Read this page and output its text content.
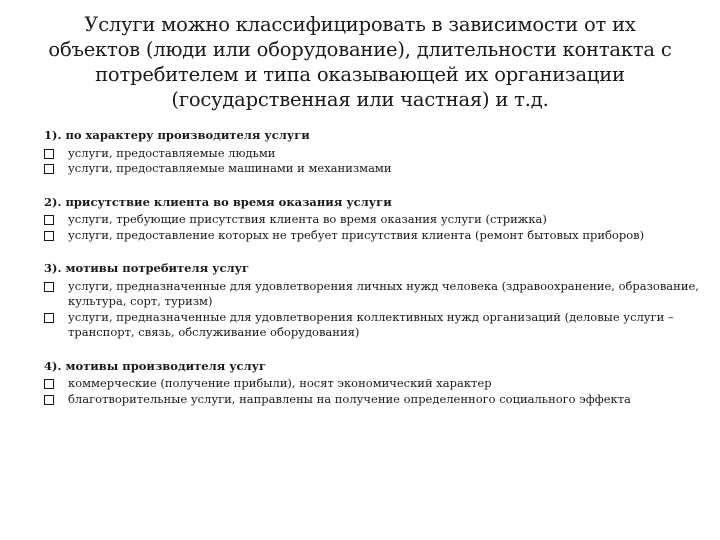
Услуги можно классифицировать в зависимости от их
объектов (люди или оборудование), длительности контакта с
потребителем и типа оказывающей их организации
(государственная или частная) и т.д.
1). по характеру производителя услуги
услуги, предоставляемые людьми
услуги, предоставляемые машинами и механизмами
2). присутствие клиента во время оказания услуги
услуги, требующие присутствия клиента во время оказания услуги (стрижка)
услуги, предоставление которых не требует присутствия клиента (ремонт бытовых приборов)
3). мотивы потребителя услуг
услуги, предназначенные для удовлетворения личных нужд человека (здравоохранение, образование, культура, сорт, туризм)
услуги, предназначенные для удовлетворения коллективных нужд организаций (деловые услуги – транспорт, связь, обслуживание оборудования)
4). мотивы производителя услуг
коммерческие (получение прибыли), носят экономический характер
благотворительные услуги, направлены на получение определенного социального эффекта
